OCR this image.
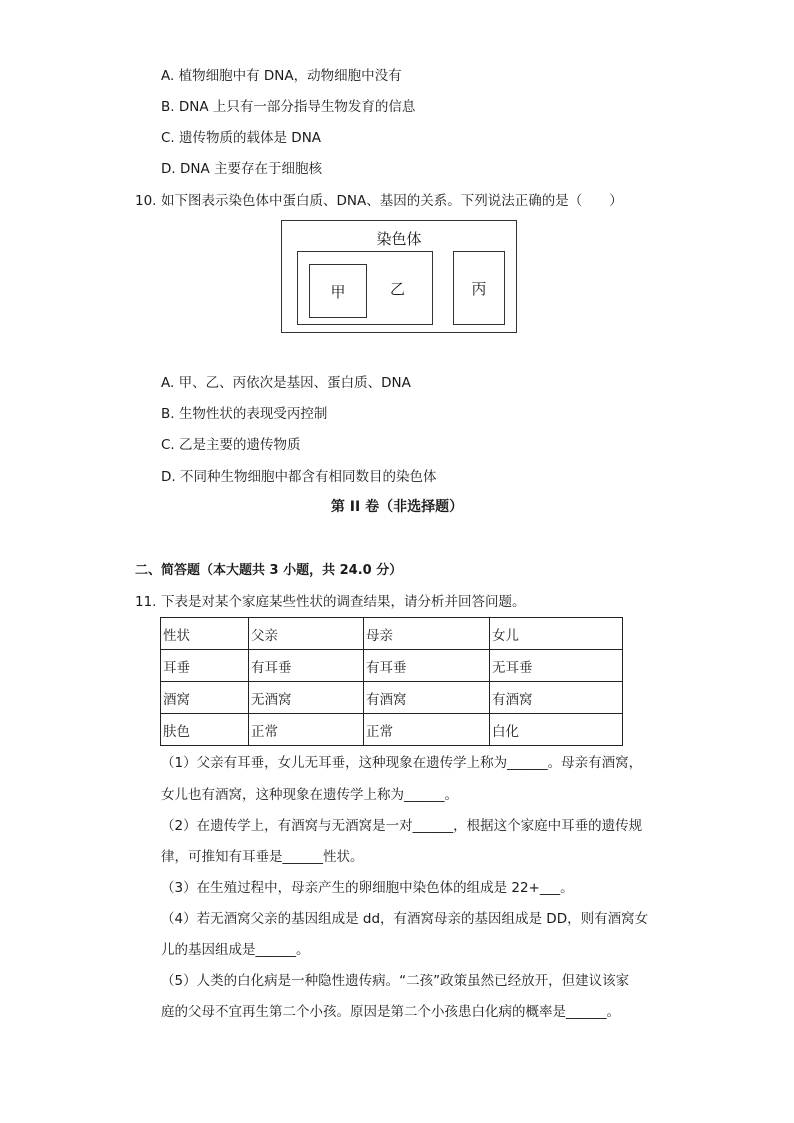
A. 植物细胞中有 DNA，动物细胞中没有
B. DNA 上只有一部分指导生物发育的信息
C. 遗传物质的载体是 DNA
D. DNA 主要存在于细胞核
10. 如下图表示染色体中蛋白质、DNA、基因的关系。下列说法正确的是（　　）
染色体
甲	乙	丙
A. 甲、乙、丙依次是基因、蛋白质、DNA
B. 生物性状的表现受丙控制
C. 乙是主要的遗传物质
D. 不同种生物细胞中都含有相同数目的染色体
第 II 卷（非选择题）
二、简答题（本大题共 3 小题，共 24.0 分）
11. 下表是对某个家庭某些性状的调查结果，请分析并回答问题。
性状	父亲	母亲	女儿
耳垂	有耳垂	有耳垂	无耳垂
酒窝	无酒窝	有酒窝	有酒窝
肤色	正常	正常	白化
（1）父亲有耳垂，女儿无耳垂，这种现象在遗传学上称为______。母亲有酒窝，
女儿也有酒窝，这种现象在遗传学上称为______。
（2）在遗传学上，有酒窝与无酒窝是一对______，根据这个家庭中耳垂的遗传规
律，可推知有耳垂是______性状。
（3）在生殖过程中，母亲产生的卵细胞中染色体的组成是 22+___。
（4）若无酒窝父亲的基因组成是 dd，有酒窝母亲的基因组成是 DD，则有酒窝女
儿的基因组成是______。
（5）人类的白化病是一种隐性遗传病。“二孩”政策虽然已经放开，但建议该家
庭的父母不宜再生第二个小孩。原因是第二个小孩患白化病的概率是______。
